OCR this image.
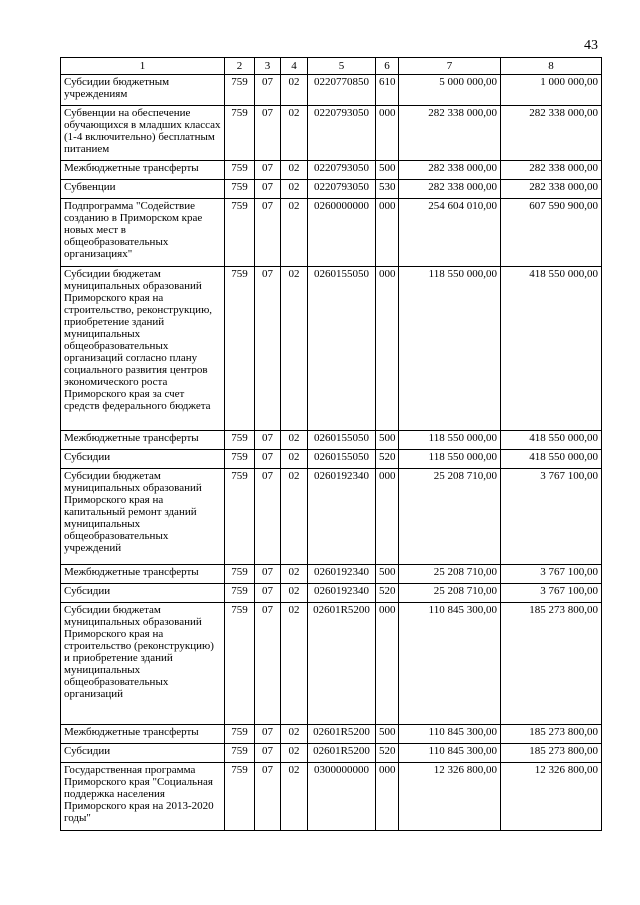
43
1	2	3	4	5	6	7	8
Субсидии бюджетным учреждениям	759	07	02	0220770850	610	5 000 000,00	1 000 000,00
Субвенции на обеспечение обучающихся в младших классах (1-4 включительно) бесплатным питанием	759	07	02	0220793050	000	282 338 000,00	282 338 000,00
Межбюджетные трансферты	759	07	02	0220793050	500	282 338 000,00	282 338 000,00
Субвенции	759	07	02	0220793050	530	282 338 000,00	282 338 000,00
Подпрограмма "Содействие созданию в Приморском крае новых мест в общеобразовательных организациях"	759	07	02	0260000000	000	254 604 010,00	607 590 900,00
Субсидии бюджетам муниципальных образований Приморского края на строительство, реконструкцию, приобретение зданий муниципальных общеобразовательных организаций согласно плану социального развития центров экономического роста Приморского края за счет средств федерального бюджета	759	07	02	0260155050	000	118 550 000,00	418 550 000,00
Межбюджетные трансферты	759	07	02	0260155050	500	118 550 000,00	418 550 000,00
Субсидии	759	07	02	0260155050	520	118 550 000,00	418 550 000,00
Субсидии бюджетам муниципальных образований Приморского края на капитальный ремонт зданий муниципальных общеобразовательных учреждений	759	07	02	0260192340	000	25 208 710,00	3 767 100,00
Межбюджетные трансферты	759	07	02	0260192340	500	25 208 710,00	3 767 100,00
Субсидии	759	07	02	0260192340	520	25 208 710,00	3 767 100,00
Субсидии бюджетам муниципальных образований Приморского края на строительство (реконструкцию) и приобретение зданий муниципальных общеобразовательных организаций	759	07	02	02601R5200	000	110 845 300,00	185 273 800,00
Межбюджетные трансферты	759	07	02	02601R5200	500	110 845 300,00	185 273 800,00
Субсидии	759	07	02	02601R5200	520	110 845 300,00	185 273 800,00
Государственная программа Приморского края "Социальная поддержка населения Приморского края на 2013-2020 годы"	759	07	02	0300000000	000	12 326 800,00	12 326 800,00
